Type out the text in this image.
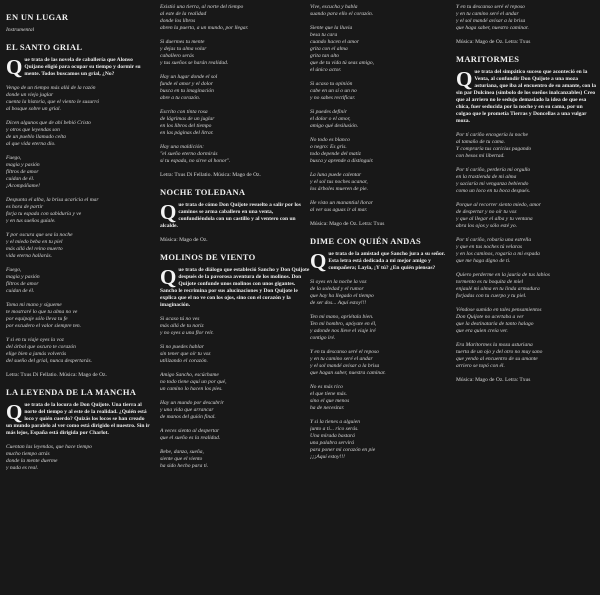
EN UN LUGAR

Instrumental

EL SANTO GRIAL

Que trata de las novela de caballería que Alonso Quijano eligió para ocupar su tiempo y dormir su mente. Todos buscamos un grial, ¿No?

Vengo de un tiempo más allá de la razón
donde un viejo juglar
cuenta la historia, que el viento le susurró
al bosque sobre un grial.

Dicen algunos que de ahí bebió Cristo
y otros que leyendas son
de un pueblo llamado celta
al que vida eterna dio.

Fuego,
magia y pasión
filtros de amor
cuidan de él.
¡Acompáñame!

Despunta el alba, la brisa acaricia el mar
es hora de partir
forja tu espada con sabiduría y ve
y en tus sueños guíale.

Y por oscura que sea la noche
y el miedo beba en tu piel
más allá del reino muerto
vida eterna hallarás.

Fuego,
magia y pasión
filtros de amor
cuidan de él.

Toma mi mano y sígueme
te mostraré lo que tu alma no ve
por equipaje sólo lleva tu fe
por escudero el valor siempre ten.

Y si en tu viaje oyes la voz
del árbol que oscuro te corazón
elige bien a jamás volverás
del sueño del grial, nunca despertarás.

Letra: Txus Di Fellatio. Música: Mago de Oz.

LA LEYENDA DE LA MANCHA

Que trata de la locura de Don Quijote. Una tierra al norte del tiempo y al este de la realidad. ¿Quién está loco y quién cuerdo? Quizás los locos se han creado un mundo paralelo al ver como está dirigido el nuestro. Sin ir más lejos, España está dirigida por Charlot.

Cuentan las leyendas, que hace tiempo
mucho tiempo atrás
donde la mente duerme
y nada es real.

Existió una tierra, al norte del tiempo
al este de la realidad
donde los libros
abren la puerta, a un mundo, por llegar.

Si duermes tu mente
y dejas tu alma volar
caballero serás
y tus sueños se harán realidad.

Hay un lugar donde el sol
funde el amor y el dolor
busca en tu imaginación
abre a tu corazón.

Escrito con tinta rosa
de lágrimas de un juglar
en los libros del tiempo
en las páginas del litrar.

Hay una maldición:
"el sueño eterno dormirás
si tu espada, no sirve al honor".

Letra: Txus Di Fellatio. Música: Mago de Oz.

NOCHE TOLEDANA

Que trata de cómo Don Quijote resuelto a salir por los caminos se arma caballero en una venta, confundiéndola con un castillo y al ventero con un alcalde.

Música: Mago de Oz.

MOLINOS DE VIENTO

Que trata de diálogo que estableció Sancho y Don Quijote después de la pavorosa aventura de los molinos. Don Quijote confunde unos molinos con unos gigantes. Sancho le recrimina por sus alucinaciones y Don Quijote le explica que el no ve con los ojos, sino con el corazón y la imaginación.

Si acaso tú no ves
más allá de tu nariz
y no oyes a una flor reír.

Si no puedes hablar
sin tener que oír tu voz
utilizando el corazón.

Amigo Sancho, escúchame
no todo tiene aquí un por qué,
un camino lo hacen los pies.

Hay un mundo por descubrir
y una vida que arrancar
de manos del guión final.

A veces siento al despertar
que el sueño es la realidad.

Bebe, danza, sueña,
siente que el viento
ha sido hecho para ti.

Vive, escucha y habla
suando para ello el corazón.

Siente que la lluvia
besa tu cara
cuando hacen el amor
grita con el alma
grita tan alto
que de tu vida tú seas amigo,
el único actor.

Si acaso tu opinión
cabe en un sí o un no
y no sabes rectificar.

Si puedes definir
el dolor o el amor,
amigo qué desilusión.

No todo es blanco
o negro: Es gris.
todo depende del matiz
busca y aprende a distinguir.

La luna puede calentar
y el sol tus noches ucanar,
los árboles mueren de pie.

He visto un manantial llorar
al ver sus aguas ir al mar.

Música: Mago de Oz. Letra: Txus

DIME CON QUIÉN ANDAS

Que trata de la amistad que Sancho jura a su señor. Esta letra está dedicada a mi mejor amigo y compañera; Layla, ¡Y tú? ¿En quién piensas?

Si oyes en la noche la voz
de la soledad y el rumor
que hay ha llegado el tiempo
de ser dos... Aquí estoy!!!

Ten mi mano, apriétala bien.
Ten mi hombro, apóyate en él,
y adonde nos lleve el viaje iré
contigo iré.

Y en tu descanso seré el reposo
y en tu camino seré el andar
y el sol mandé avisar a la brisa
que hagan saber, nuestra caminar.

No es más rico
el que tiene más.
sino el que menos
ha de necesitar.

Y si la tienes a alguien
junto a ti... rico serás.
Una mirada bastará
una palabra servirá
para poner mi corazón en pie
¡¡¡Aquí estoy!!!

Y en tu descanso seré el reposo
y en tu camino seré el andar
y el sol mandé avisar a la brisa
que haga saber, nuestro caminar.

Música: Mago de Oz. Letra: Txus

MARITORMES

Que trata del simpático suceso que aconteció en la Venta, al confundir Don Quijote a una moza asturiana, que iba al encuentro de su amante, con la sin par Dulcinea (símbolo de los sueños inalcanzables) Creo que al arriero no le sedujo demasiado la idea de que esa chica, fuer seducida por la noche y en su cama, por un colgao que le prometía Tierras y Doncellas a una vulgar moza.

Por tí cariño encogería la noche
al tamaño de tu cama.
Y compraría tus caricias pagando
con besos mi libertad.

Por tí cariño, perdería mi orgullo
en la trastienda de mi alma
y saciaría mi venganza bebiendo
como un loco en tu boca después.

Porque al recorrer siento miedo, amor
de despertar y no oír tu voz
y que al llegar el alba y tu ventana
abra los ojos y sólo esté yo.

Por tí cariño, robaría una estrella
y que en tus noches tú velaras
y en los caminos, rogaría a mi espada
que me haga digno de ti.

Quiero perderme en la jauría de tus labios
tormento es tu boquita de miel
enjaulé mi alma en tu linda armadura
forjadas con tu cuerpo y tu piel.

Véndose sumido en tales pensamientos
Don Quijote no acertaba a ver
que la destinataria de tanto halago
que era quien creía ver.

Era Maritormes la moza asturiana
tuerta de un ojo y del otro no muy sano
que yendo al encuentro de su amante
arriero se topó con él.

Música: Mago de Oz. Letra: Txus
